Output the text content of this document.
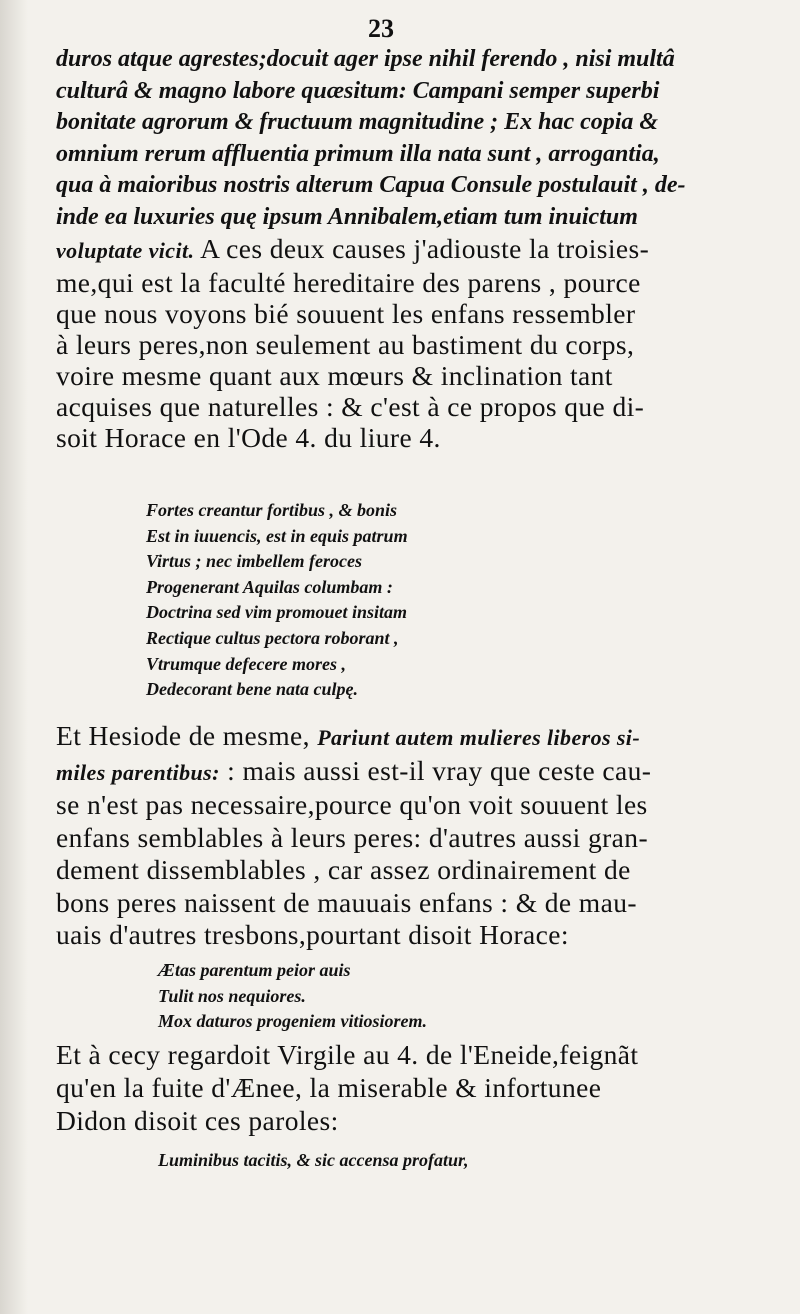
23
duros atque agrestes;docuit ager ipse nihil ferendo , nisi multâ
culturâ & magno labore quæsitum: Campani semper superbi
bonitate agrorum & fructuum magnitudine ; Ex hac copia &
omnium rerum affluentia primum illa nata sunt , arrogantia,
qua à maioribus nostris alterum Capua Consule postulauit , de-
inde ea luxuries quę ipsum Annibalem,etiam tum inuictum
voluptate vicit. A ces deux causes j'adiouste la troisies-
me,qui est la faculté hereditaire des parens , pource
que nous voyons bié souuent les enfans ressembler
à leurs peres,non seulement au bastiment du corps,
voire mesme quant aux mœurs & inclination tant
acquises que naturelles : & c'est à ce propos que di-
soit Horace en l'Ode 4. du liure 4.
Fortes creantur fortibus , & bonis
Est in iuuencis, est in equis patrum
Virtus ; nec imbellem feroces
Progenerant Aquilas columbam :
Doctrina sed vim promouet insitam
Rectique cultus pectora roborant ,
Vtrumque defecere mores ,
Dedecorant bene nata culpę.
Et Hesiode de mesme, Pariunt autem mulieres liberos si-
miles parentibus: : mais aussi est-il vray que ceste cau-
se n'est pas necessaire,pource qu'on voit souuent les
enfans semblables à leurs peres: d'autres aussi gran-
dement dissemblables , car assez ordinairement de
bons peres naissent de mauuais enfans : & de mau-
uais d'autres tresbons,pourtant disoit Horace:
Ætas parentum peior auis
Tulit nos nequiores.
Mox daturos progeniem vitiosiorem.
Et à cecy regardoit Virgile au 4. de l'Eneide,feignãt
qu'en la fuite d'Ænee, la miserable & infortunee
Didon disoit ces paroles:
Luminibus tacitis, & sic accensa profatur,
